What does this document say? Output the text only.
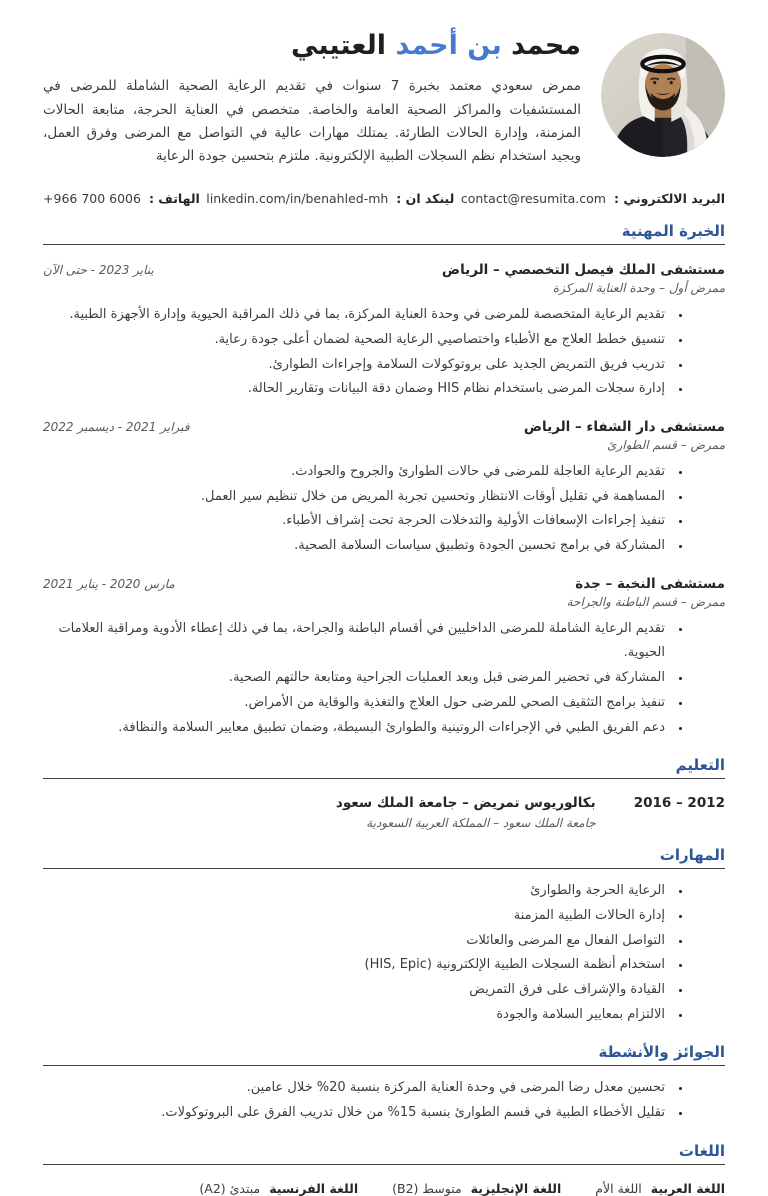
محمد بن أحمد العتيبي

ممرض سعودي معتمد بخبرة 7 سنوات في تقديم الرعاية الصحية الشاملة للمرضى في المستشفيات والمراكز الصحية العامة والخاصة. متخصص في العناية الحرجة، متابعة الحالات المزمنة، وإدارة الحالات الطارئة. يمتلك مهارات عالية في التواصل مع المرضى وفرق العمل، ويجيد استخدام نظم السجلات الطبية الإلكترونية. ملتزم بتحسين جودة الرعاية

البريد الالكتروني : contact@resumita.com
لينكد ان : linkedin.com/in/benahled-mh
الهاتف : +966 700 6006
الخبرة المهنية
مستشفى الملك فيصل التخصصي – الرياض
يناير 2023 - حتى الآن
ممرض أول – وحدة العناية المركزة
• تقديم الرعاية المتخصصة للمرضى في وحدة العناية المركزة، بما في ذلك المراقبة الحيوية وإدارة الأجهزة الطبية.
• تنسيق خطط العلاج مع الأطباء واختصاصيي الرعاية الصحية لضمان أعلى جودة رعاية.
• تدريب فريق التمريض الجديد على بروتوكولات السلامة وإجراءات الطوارئ.
• إدارة سجلات المرضى باستخدام نظام HIS وضمان دقة البيانات وتقارير الحالة.
مستشفى دار الشفاء – الرياض
فبراير 2021 - ديسمبر 2022
ممرض – قسم الطوارئ
• تقديم الرعاية العاجلة للمرضى في حالات الطوارئ والجروح والحوادث.
• المساهمة في تقليل أوقات الانتظار وتحسين تجربة المريض من خلال تنظيم سير العمل.
• تنفيذ إجراءات الإسعافات الأولية والتدخلات الحرجة تحت إشراف الأطباء.
• المشاركة في برامج تحسين الجودة وتطبيق سياسات السلامة الصحية.
مستشفى النخبة – جدة
مارس 2020 - يناير 2021
ممرض – قسم الباطنة والجراحة
• تقديم الرعاية الشاملة للمرضى الداخليين في أقسام الباطنة والجراحة، بما في ذلك إعطاء الأدوية ومراقبة العلامات الحيوية.
• المشاركة في تحضير المرضى قبل وبعد العمليات الجراحية ومتابعة حالتهم الصحية.
• تنفيذ برامج التثقيف الصحي للمرضى حول العلاج والتغذية والوقاية من الأمراض.
• دعم الفريق الطبي في الإجراءات الروتينية والطوارئ البسيطة، وضمان تطبيق معايير السلامة والنظافة.
التعليم
2012 – 2016
بكالوريوس تمريض – جامعة الملك سعود
جامعة الملك سعود – المملكة العربية السعودية
المهارات
• الرعاية الحرجة والطوارئ
• إدارة الحالات الطبية المزمنة
• التواصل الفعال مع المرضى والعائلات
• استخدام أنظمة السجلات الطبية الإلكترونية (HIS, Epic)
• القيادة والإشراف على فرق التمريض
• الالتزام بمعايير السلامة والجودة
الجوائز والأنشطة
• تحسين معدل رضا المرضى في وحدة العناية المركزة بنسبة 20% خلال عامين.
• تقليل الأخطاء الطبية في قسم الطوارئ بنسبة 15% من خلال تدريب الفرق على البروتوكولات.
اللغات
اللغة العربية اللغة الأم
اللغة الإنجليزية متوسط (B2)
اللغة الفرنسية مبتدئ (A2)
